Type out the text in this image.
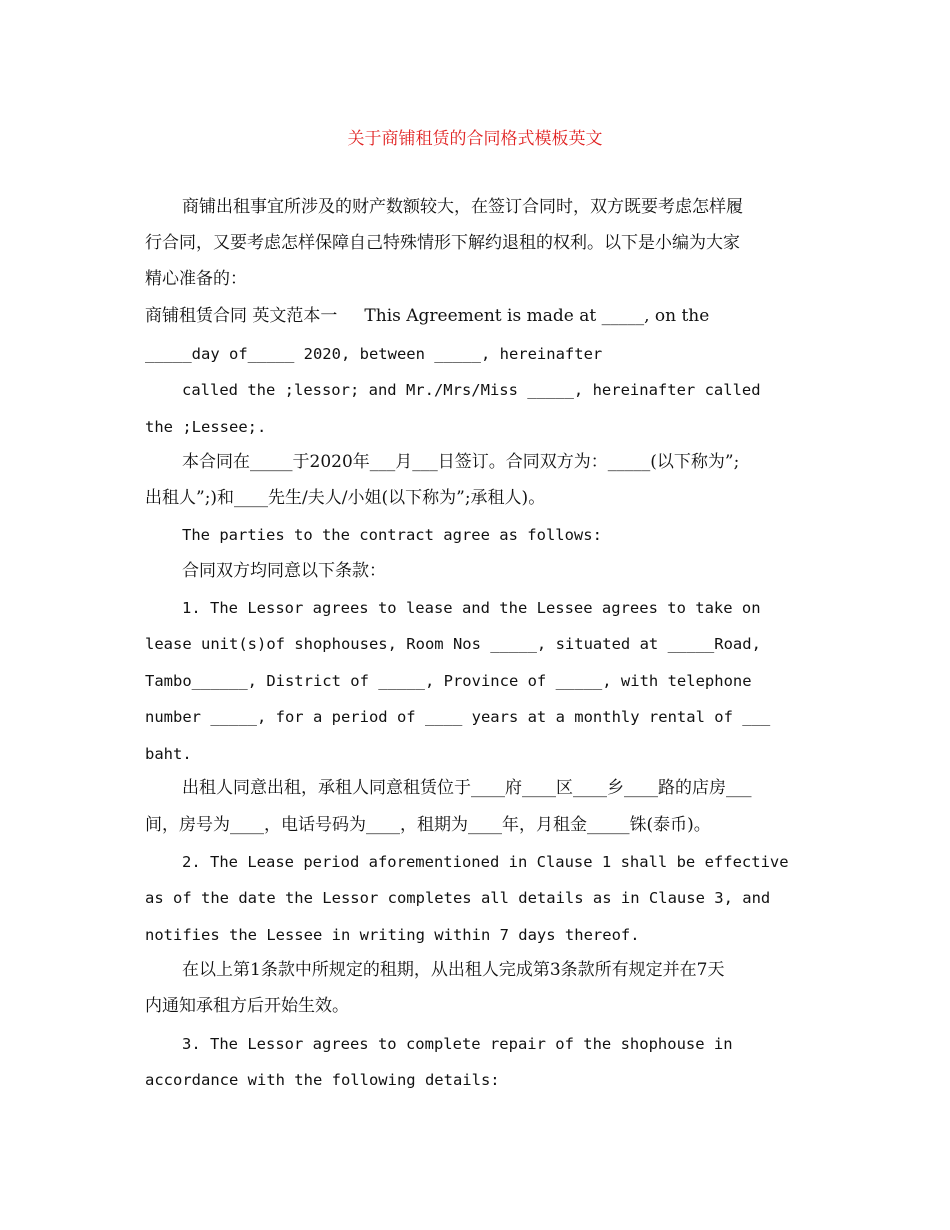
关于商铺租赁的合同格式模板英文

商铺出租事宜所涉及的财产数额较大，在签订合同时，双方既要考虑怎样履

行合同，又要考虑怎样保障自己特殊情形下解约退租的权利。以下是小编为大家

精心准备的：

商铺租赁合同 英文范本一     This Agreement is made at _____, on the

_____day of_____ 2020, between _____, hereinafter

called the ;lessor; and Mr./Mrs/Miss _____, hereinafter called

the ;Lessee;.

本合同在_____于2020年___月___日签订。合同双方为：_____(以下称为”;

出租人”;)和____先生/夫人/小姐(以下称为”;承租人)。

The parties to the contract agree as follows:

合同双方均同意以下条款：

1. The Lessor agrees to lease and the Lessee agrees to take on

lease unit(s)of shophouses, Room Nos _____, situated at _____Road,

Tambo______, District of _____, Province of _____, with telephone

number _____, for a period of ____ years at a monthly rental of ___

baht.

出租人同意出租，承租人同意租赁位于____府____区____乡____路的店房___

间，房号为____，电话号码为____，租期为____年，月租金_____铢(泰币)。

2. The Lease period aforementioned in Clause 1 shall be effective

as of the date the Lessor completes all details as in Clause 3, and

notifies the Lessee in writing within 7 days thereof.

在以上第1条款中所规定的租期，从出租人完成第3条款所有规定并在7天

内通知承租方后开始生效。

3. The Lessor agrees to complete repair of the shophouse in

accordance with the following details:
